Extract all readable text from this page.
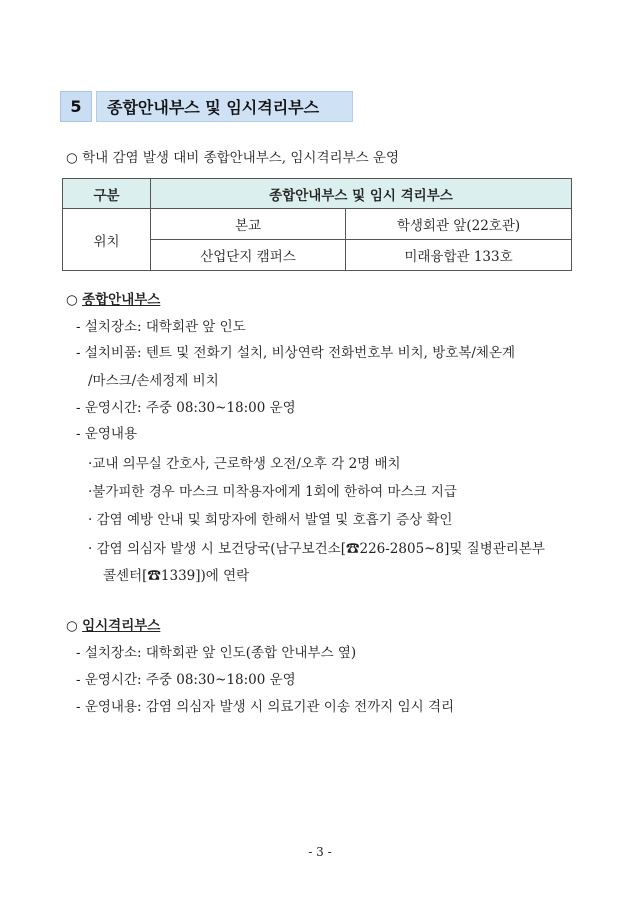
5	종합안내부스 및 임시격리부스
○ 학내 감염 발생 대비 종합안내부스, 임시격리부스 운영
구분	종합안내부스 및 임시 격리부스	
위치	본교	학생회관 앞(22호관)
	산업단지 캠퍼스	미래융합관 133호
○ 종합안내부스
- 설치장소: 대학회관 앞 인도
- 설치비품: 텐트 및 전화기 설치, 비상연락 전화번호부 비치, 방호복/체온계
/마스크/손세정제 비치
- 운영시간: 주중 08:30~18:00 운영
- 운영내용
·교내 의무실 간호사, 근로학생 오전/오후 각 2명 배치
·불가피한 경우 마스크 미착용자에게 1회에 한하여 마스크 지급
· 감염 예방 안내 및 희망자에 한해서 발열 및 호흡기 증상 확인
· 감염 의심자 발생 시 보건당국(남구보건소[☎226-2805~8]및 질병관리본부
콜센터[☎1339])에 연락
○ 임시격리부스
- 설치장소: 대학회관 앞 인도(종합 안내부스 옆)
- 운영시간: 주중 08:30~18:00 운영
- 운영내용: 감염 의심자 발생 시 의료기관 이송 전까지 임시 격리
- 3 -
